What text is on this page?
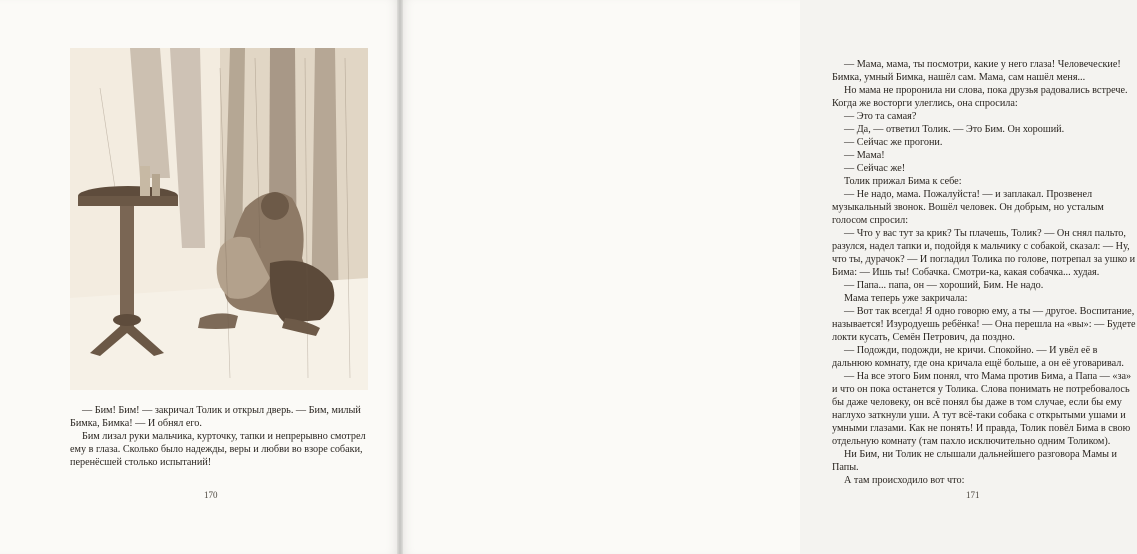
— Бим! Бим! — закричал Толик и открыл дверь. — Бим, милый Бимка, Бимка! — И обнял его.

Бим лизал руки мальчика, курточку, тапки и непрерывно смотрел ему в глаза. Сколько было надежды, веры и любви во взоре собаки, перенёсшей столько испытаний!

170

— Мама, мама, ты посмотри, какие у него глаза! Человеческие! Бимка, умный Бимка, нашёл сам. Мама, сам нашёл меня...

Но мама не проронила ни слова, пока друзья радовались встрече. Когда же восторги улеглись, она спросила:

— Это та самая?

— Да, — ответил Толик. — Это Бим. Он хороший.

— Сейчас же прогони.

— Мама!

— Сейчас же!

Толик прижал Бима к себе:

— Не надо, мама. Пожалуйста! — и заплакал. Прозвенел музыкальный звонок. Вошёл человек. Он добрым, но усталым голосом спросил:

— Что у вас тут за крик? Ты плачешь, Толик? — Он снял пальто, разулся, надел тапки и, подойдя к мальчику с собакой, сказал: — Ну, что ты, дурачок? — И погладил Толика по голове, потрепал за ушко и Бима: — Ишь ты! Собачка. Смотри-ка, какая собачка... худая.

— Папа... папа, он — хороший, Бим. Не надо.

Мама теперь уже закричала:

— Вот так всегда! Я одно говорю ему, а ты — другое. Воспитание, называется! Изуродуешь ребёнка! — Она перешла на «вы»: — Будете локти кусать, Семён Петрович, да поздно.

— Подожди, подожди, не кричи. Спокойно. — И увёл её в дальнюю комнату, где она кричала ещё больше, а он её уговаривал.

— На все этого Бим понял, что Мама против Бима, а Папа — «за» и что он пока останется у Толика. Слова понимать не потребовалось бы даже человеку, он всё понял бы даже в том случае, если бы ему наглухо заткнули уши. А тут всё-таки собака с открытыми ушами и умными глазами. Как не понять! И правда, Толик повёл Бима в свою отдельную комнату (там пахло исключительно одним Толиком).

Ни Бим, ни Толик не слышали дальнейшего разговора Мамы и Папы.

А там происходило вот что:

171
